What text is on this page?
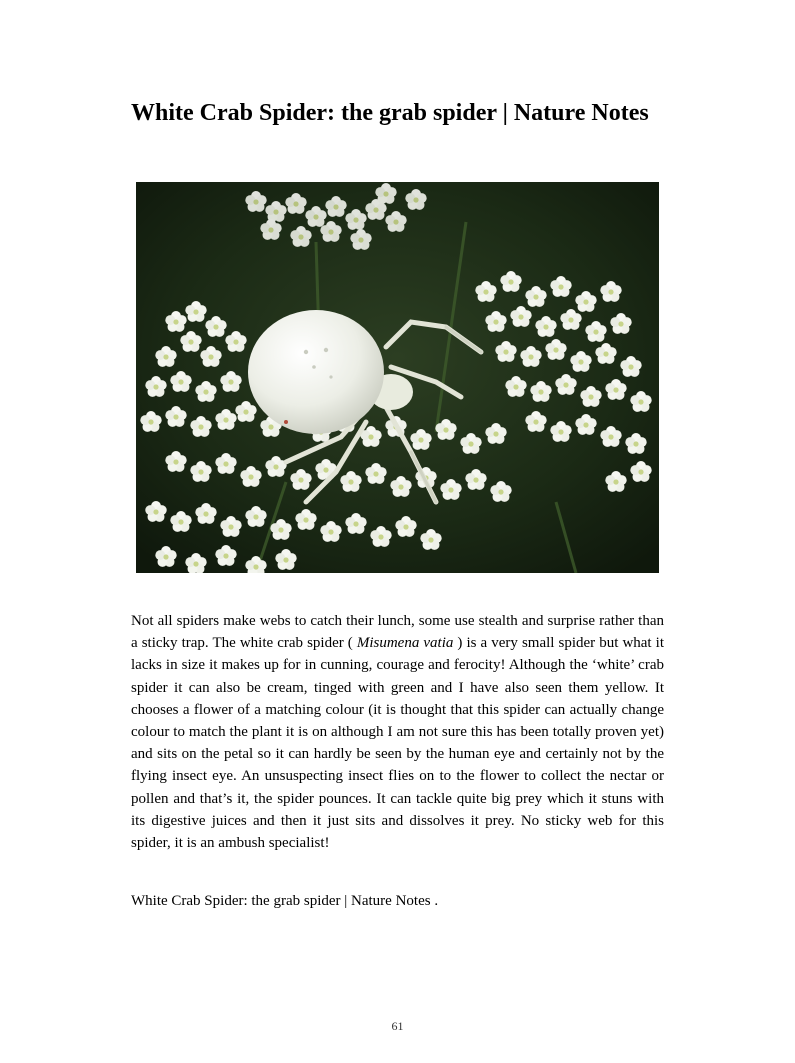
White Crab Spider: the grab spider | Nature Notes

Not all spiders make webs to catch their lunch, some use stealth and surprise rather than a sticky trap. The white crab spider ( Misumena vatia ) is a very small spider but what it lacks in size it makes up for in cunning, courage and ferocity! Although the ‘white’ crab spider it can also be cream, tinged with green and I have also seen them yellow. It chooses a flower of a matching colour (it is thought that this spider can actually change colour to match the plant it is on although I am not sure this has been totally proven yet) and sits on the petal so it can hardly be seen by the human eye and certainly not by the flying insect eye. An unsuspecting insect flies on to the flower to collect the nectar or pollen and that’s it, the spider pounces. It can tackle quite big prey which it stuns with its digestive juices and then it just sits and dissolves it prey. No sticky web for this spider, it is an ambush specialist!

White Crab Spider: the grab spider | Nature Notes .

61
